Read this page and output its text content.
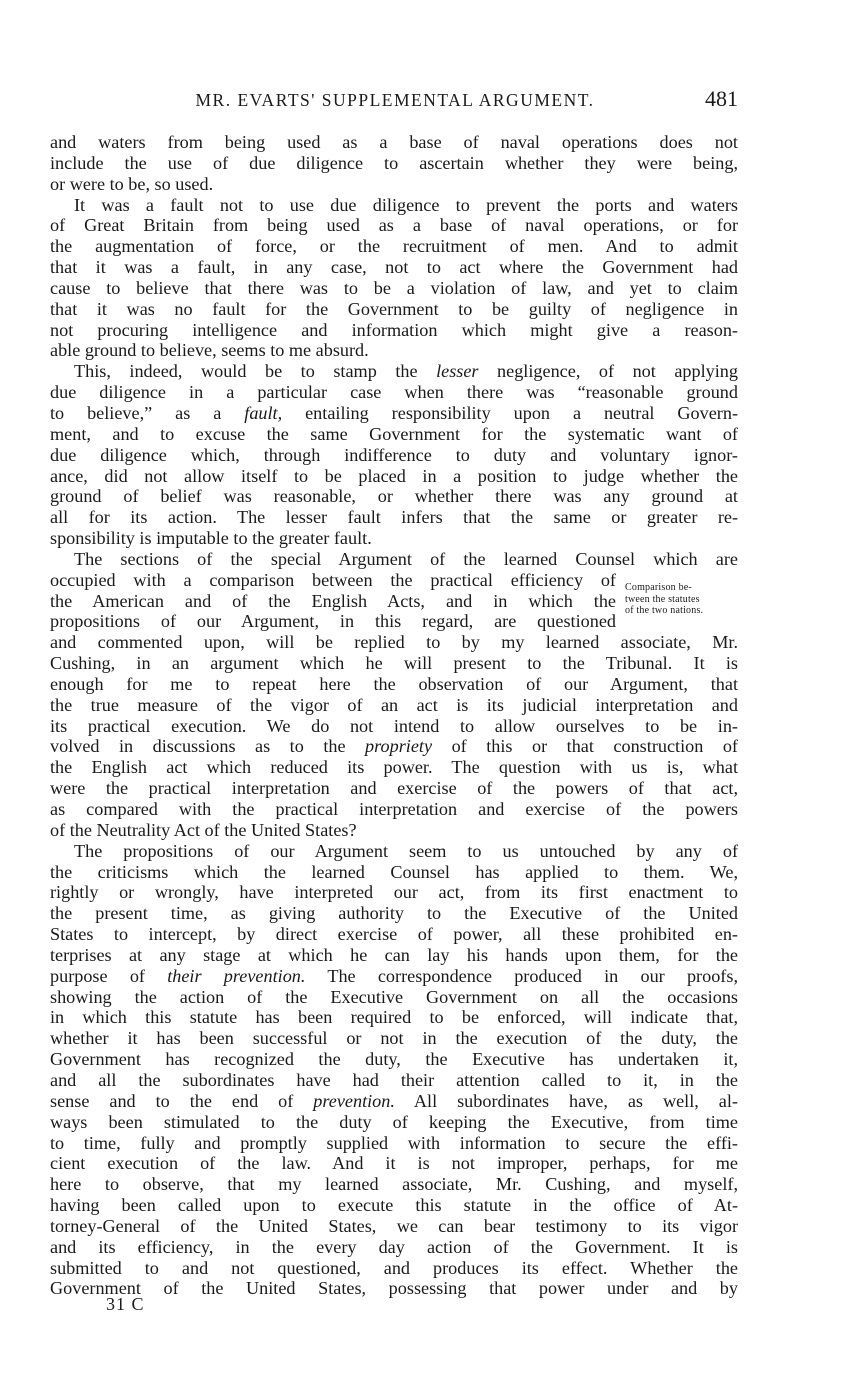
MR. EVARTS' SUPPLEMENTAL ARGUMENT.	481
and waters from being used as a base of naval operations does not
include the use of due diligence to ascertain whether they were being,
or were to be, so used.
It was a fault not to use due diligence to prevent the ports and waters
of Great Britain from being used as a base of naval operations, or for
the augmentation of force, or the recruitment of men. And to admit
that it was a fault, in any case, not to act where the Government had
cause to believe that there was to be a violation of law, and yet to claim
that it was no fault for the Government to be guilty of negligence in
not procuring intelligence and information which might give a reason-
able ground to believe, seems to me absurd.
This, indeed, would be to stamp the lesser negligence, of not applying
due diligence in a particular case when there was “reasonable ground
to believe,” as a fault, entailing responsibility upon a neutral Govern-
ment, and to excuse the same Government for the systematic want of
due diligence which, through indifference to duty and voluntary ignor-
ance, did not allow itself to be placed in a position to judge whether the
ground of belief was reasonable, or whether there was any ground at
all for its action. The lesser fault infers that the same or greater re-
sponsibility is imputable to the greater fault.
The sections of the special Argument of the learned Counsel which are
occupied with a comparison between the practical efficiency of
the American and of the English Acts, and in which the
propositions of our Argument, in this regard, are questioned
and commented upon, will be replied to by my learned associate, Mr.
Cushing, in an argument which he will present to the Tribunal. It is
enough for me to repeat here the observation of our Argument, that
the true measure of the vigor of an act is its judicial interpretation and
its practical execution. We do not intend to allow ourselves to be in-
volved in discussions as to the propriety of this or that construction of
the English act which reduced its power. The question with us is, what
were the practical interpretation and exercise of the powers of that act,
as compared with the practical interpretation and exercise of the powers
of the Neutrality Act of the United States?
The propositions of our Argument seem to us untouched by any of
the criticisms which the learned Counsel has applied to them. We,
rightly or wrongly, have interpreted our act, from its first enactment to
the present time, as giving authority to the Executive of the United
States to intercept, by direct exercise of power, all these prohibited en-
terprises at any stage at which he can lay his hands upon them, for the
purpose of their prevention. The correspondence produced in our proofs,
showing the action of the Executive Government on all the occasions
in which this statute has been required to be enforced, will indicate that,
whether it has been successful or not in the execution of the duty, the
Government has recognized the duty, the Executive has undertaken it,
and all the subordinates have had their attention called to it, in the
sense and to the end of prevention. All subordinates have, as well, al-
ways been stimulated to the duty of keeping the Executive, from time
to time, fully and promptly supplied with information to secure the effi-
cient execution of the law. And it is not improper, perhaps, for me
here to observe, that my learned associate, Mr. Cushing, and myself,
having been called upon to execute this statute in the office of At-
torney-General of the United States, we can bear testimony to its vigor
and its efficiency, in the every day action of the Government. It is
submitted to and not questioned, and produces its effect. Whether the
Government of the United States, possessing that power under and by
Comparison be-
tween the statutes
of the two nations.
31 C
